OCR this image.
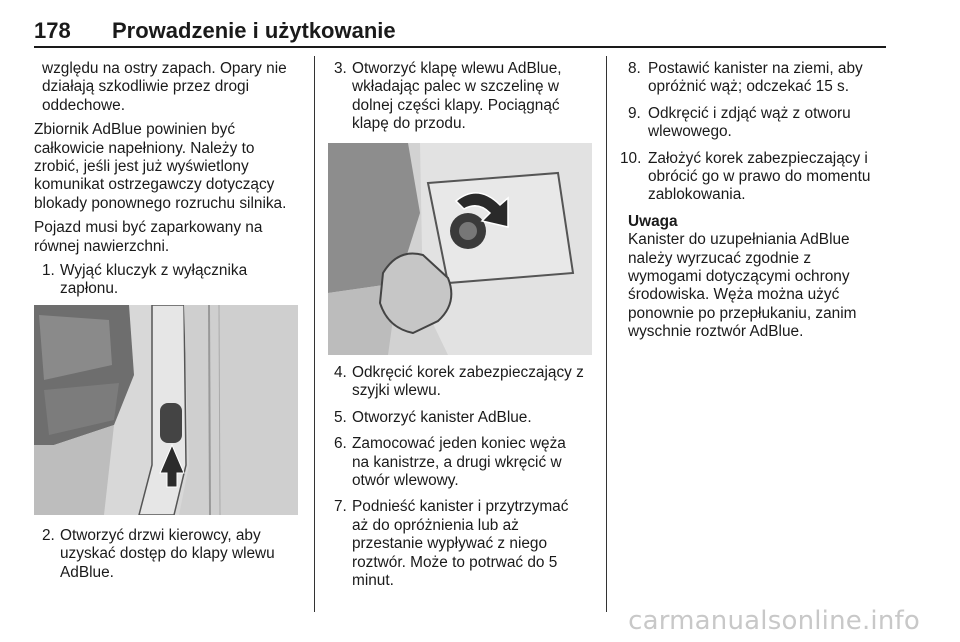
178 Prowadzenie i użytkowanie

względu na ostry zapach. Opary nie
działają szkodliwie przez drogi
oddechowe.

Zbiornik AdBlue powinien być
całkowicie napełniony. Należy to
zrobić, jeśli jest już wyświetlony
komunikat ostrzegawczy dotyczący
blokady ponownego rozruchu silnika.

Pojazd musi być zaparkowany na
równej nawierzchni.

1. Wyjąć kluczyk z wyłącznika
zapłonu.
2. Otworzyć drzwi kierowcy, aby
uzyskać dostęp do klapy wlewu
AdBlue.
3. Otworzyć klapę wlewu AdBlue,
wkładając palec w szczelinę w
dolnej części klapy. Pociągnąć
klapę do przodu.
4. Odkręcić korek zabezpieczający z
szyjki wlewu.
5. Otworzyć kanister AdBlue.
6. Zamocować jeden koniec węża
na kanistrze, a drugi wkręcić w
otwór wlewowy.
7. Podnieść kanister i przytrzymać
aż do opróżnienia lub aż
przestanie wypływać z niego
roztwór. Może to potrwać do 5
minut.
8. Postawić kanister na ziemi, aby
opróżnić wąż; odczekać 15 s.
9. Odkręcić i zdjąć wąż z otworu
wlewowego.
10. Założyć korek zabezpieczający i
obrócić go w prawo do momentu
zablokowania.
Uwaga
Kanister do uzupełniania AdBlue
należy wyrzucać zgodnie z
wymogami dotyczącymi ochrony
środowiska. Węża można użyć
ponownie po przepłukaniu, zanim
wyschnie roztwór AdBlue.
carmanualsonline.info
